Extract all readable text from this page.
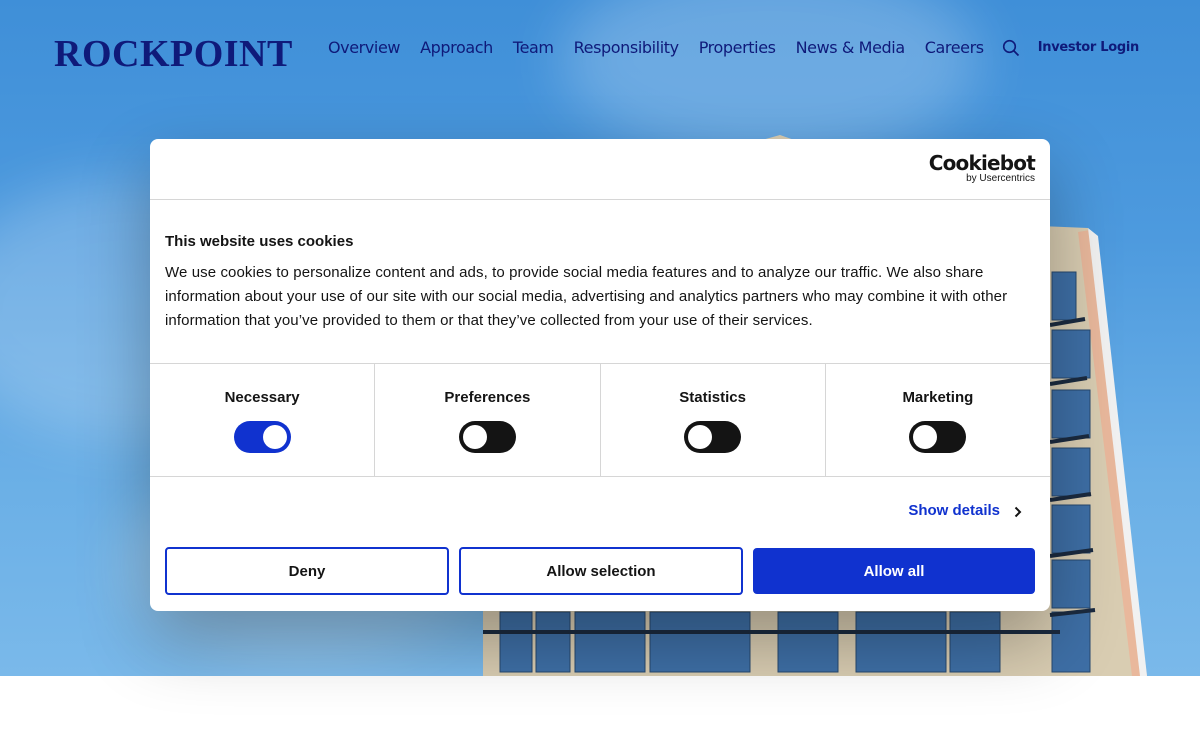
ROCKPOINT Overview Approach Team Responsibility Properties News & Media Careers	Investor Login
Cookiebot
by Usercentrics
This website uses cookies
We use cookies to personalize content and ads, to provide social media features and to analyze our traffic. We also share information about your use of our site with our social media, advertising and analytics partners who may combine it with other information that you’ve provided to them or that they’ve collected from your use of their services.
Necessary	Preferences	Statistics	Marketing
Show details
Deny	Allow selection	Allow all
